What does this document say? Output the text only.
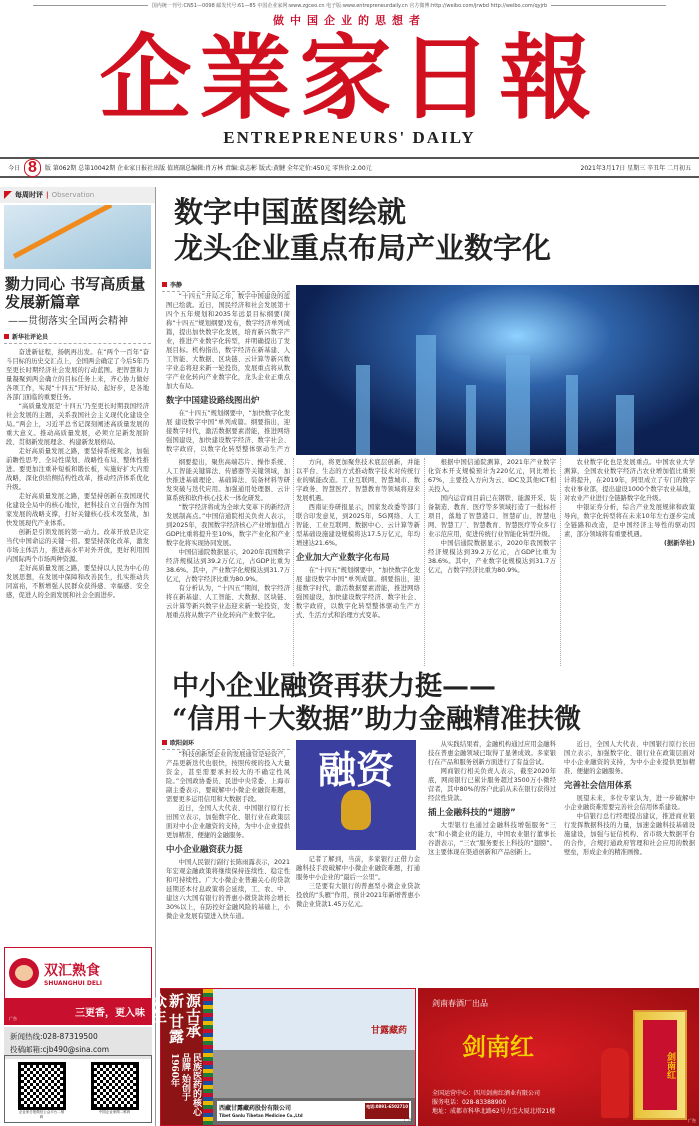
国内统一刊号:CN51—0098 邮发代号:61—85 中国企业家网:www.zgceo.cn 电子版:www.entrepreneurdaily.cn 官方微博:http://weibo.com/jrwbd http://weibo.com/qyjrb
做中国企业的思想者
企業家日報
ENTREPRENEURS' DAILY
今日 8	版 第062期 总第10042期 企业家日报社出版 值班副总编辑:肖方林 责编:袁志彬 版式:黄腱 全年定价:450元 零售价:2.00元	2021年3月17日 星期三 辛丑年 二月初五
每周时评 | Observation
勠力同心 书写高质量发展新篇章
——贯彻落实全国两会精神
新华社评论员

奋进新征程，扬帆再出发。在“两个一百年”奋斗目标的历史交汇点上，全国两会确定了今后5年乃至更长时期经济社会发展的行动蓝图。把智慧和力量凝聚到两会确立的目标任务上来，齐心协力做好各项工作，实现“十四五”开好局、起好步，是各地各部门面临的重要任务。

“高质量发展是‘十四五’乃至更长时期我国经济社会发展的主题，关系我国社会主义现代化建设全局。”两会上，习近平总书记深刻阐述高质量发展的重大意义。推动高质量发展，必须立足新发展阶段、贯彻新发展理念、构建新发展格局。

走好高质量发展之路，要坚持系统观念，加强前瞻性思考、全局性谋划、战略性布局、整体性推进。要更加注重补短板和锻长板，实施好扩大内需战略，深化供给侧结构性改革，推动经济体系优化升级。

走好高质量发展之路，要坚持创新在我国现代化建设全局中的核心地位，把科技自立自强作为国家发展的战略支撑，打好关键核心技术攻坚战，加快发展现代产业体系。

创新是引领发展的第一动力。改革开放是决定当代中国命运的关键一招。要坚持深化改革，激发市场主体活力，推进高水平对外开放，更好利用国内国际两个市场两种资源。

走好高质量发展之路，要坚持以人民为中心的发展思想，在发展中保障和改善民生，扎实推动共同富裕，不断增强人民群众获得感、幸福感、安全感，促进人的全面发展和社会全面进步。

双汇熟食
SHUANGHUI DELI
三更香，更入味
广告
新闻热线:028-87319500
投稿邮箱:cjb490@sina.com
企业家日报微信公众平台二维码
中国企业家网二维码
数字中国蓝图绘就
龙头企业重点布局产业数字化
李静

“十四五”开局之年，数字中国建设的蓝图已绘就。近日，国民经济和社会发展第十四个五年规划和2035年远景目标纲要(简称“十四五”规划纲要)发布，数字经济单列成篇，提出加快数字化发展，培育新兴数字产业，推进产业数字化转型，并明确提出了发展目标。机构指出，数字经济在新基建、人工智能、大数据、区块链、云计算等新兴数字业态将迎来新一轮投资，发展重点将从数字产业化转向产业数字化，龙头企业正重点加大布局。

数字中国建设路线图出炉

在“十四五”规划纲要中，“加快数字化发展 建设数字中国”单列成篇。纲要指出，迎接数字时代，激活数据要素潜能，推进网络强国建设，加快建设数字经济、数字社会、数字政府，以数字化转型整体驱动生产方

纲要提出，聚焦高端芯片、操作系统、人工智能关键算法、传感器等关键领域，加快推进基础理论、基础算法、装备材料等研发突破与迭代应用。加强通用处理器、云计算系统和软件核心技术一体化研发。

“数字经济将成为全球大变革下的新经济发展制高点。”中国信通院相关负责人表示，到2025年，我国数字经济核心产业增加值占GDP比重将提升至10%，数字产业化和产业数字化将实现协同发展。

中国信通院数据显示，2020年我国数字经济规模达到39.2万亿元，占GDP比重为38.6%。其中，产业数字化规模达到31.7万亿元，占数字经济比重为80.9%。

有分析认为，“十四五”期间，数字经济将在新基建、人工智能、大数据、区块链、云计算等新兴数字业态迎来新一轮投资，发展重点将从数字产业化转向产业数字化。

方向，将更加聚焦技术底层创新，并能以平台、生态的方式推动数字技术对传统行业的赋能改造。工业互联网、智慧城市、数字政务、智慧医疗、智慧教育等领域将迎来发展机遇。

西南证券研报显示，国家发改委等部门联合印发意见，到2025年，5G网络、人工智能、工业互联网、数据中心、云计算等新型基础设施建设规模将达17.5万亿元，年均增速达21.6%。

企业加大产业数字化布局

在“十四五”规划纲要中，“加快数字化发展 建设数字中国”单列成篇。纲要指出，迎接数字时代，激活数据要素潜能，推进网络强国建设，加快建设数字经济、数字社会、数字政府，以数字化转型整体驱动生产方式、生活方式和治理方式变革。

根据中国信通院测算，2021年产业数字化资本开支规模预计为220亿元，同比增长67%，主要投入方向为云、IDC及其他ICT相关投入。

国内运营商目前已在钢铁、能源开采、装备制造、教育、医疗等多领域打造了一批标杆项目，落地了智慧港口、智慧矿山、智慧电网、智慧工厂、智慧教育、智慧医疗等众多行业示范应用，促进传统行业智能化转型升级。

中国信通院数据显示，2020年我国数字经济规模达到39.2万亿元，占GDP比重为38.6%。其中，产业数字化规模达到31.7万亿元，占数字经济比重为80.9%。

农业数字化也是发展重点。中国农业大学测算，全国农业数字经济占农业增加值比重预计将提升，在2019年，阿里成立了专门的数字农业事业部，提出建设1000个数字农业基地，对农业产业进行全链路数字化升级。

中银证券分析，综合产业发展规律和政策导向，数字化转型将在未来10年左右逐步完成全链路和改造，是中国经济主导性的驱动因素，部分领域将有重要机遇。

(据新华社)
中小企业融资再获力挺——
“信用＋大数据”助力金融精准扶微
欧阳剑环

“科技创新型企业的发展通常是轻资产，产品更新迭代也很快，按照传统的投入大量资金，甚至需要承担较大的不确定性风险。”全国政协委员、民进中央常委、上海市副主委表示，要破解中小微企业融资难题，需要更多运用信用和大数据手段。

近日，全国人大代表、中国银行原行长田国立表示，加强数字化、银行业在政策层面对中小企业融资的支持，为中小企业提供更加精准、便捷的金融服务。

中小企业融资获力挺

中国人民银行副行长陈雨露表示，2021年宏观金融政策将继续保持连续性、稳定性和可持续性。广大小微企业普遍关心的贷款延期还本付息政策将会延续，工、农、中、建这六大国有银行的普惠小微贷款将会增长30%以上，在防控好金融风险的基础上，小微企业发展有望进入快车道。

融资

记者了解到，当前，多家银行正借力金融科技手段破解中小微企业融资难题，打通服务中小企业的“最后一公里”。

三是要有大银行的普惠型小微企业贷款投放的“头雁”作用，预计2021年新增普惠小微企业贷款1.45万亿元。

从实践结果看，金融机构通过应用金融科技在普惠金融领域已取得了显著成效。多家银行在产品和服务创新方面进行了有益尝试。

网商银行相关负责人表示，截至2020年底，网商银行已累计服务超过3500万小微经营者，其中80%的客户此前从未在银行获得过经营性贷款。

插上金融科技的“翅膀”

大型银行也通过金融科技增强服务“三农”和小微企业的能力，中国农业银行董事长谷澍表示，“三农”服务要长上科技的“翅膀”。这主要体现在渠道创新和产品创新上。

近日，全国人大代表、中国银行原行长田国立表示，加强数字化、银行业在政策层面对中小企业融资的支持，为中小企业提供更加精准、便捷的金融服务。

完善社会信用体系

展望未来，多位专家认为，进一步破解中小企业融资难需要完善社会信用体系建设。

中信银行总行经理提出建议，推进商业银行发挥数据科技的力量，加速金融科技基础设施建设，加强与征信机构、省市级大数据平台的合作，合规打通政府管理和社会应用的数据壁垒，形成企业的精准画像。

源古承新 甘露众生
民族医药的核心品牌 始创于1960年
甘露藏药
西藏甘露藏药股份有限公司
Tibet Ganlu Tibetan Medicine Co.,Ltd
电话:0891-6502710
广告
剑南春酒厂出品
剑南红
全国运营中心：四川剑南红酒业有限公司
服务电话：028-83388900
地址：成都市科华北路62号力宝大厦北塔21楼
剑南红
广告
